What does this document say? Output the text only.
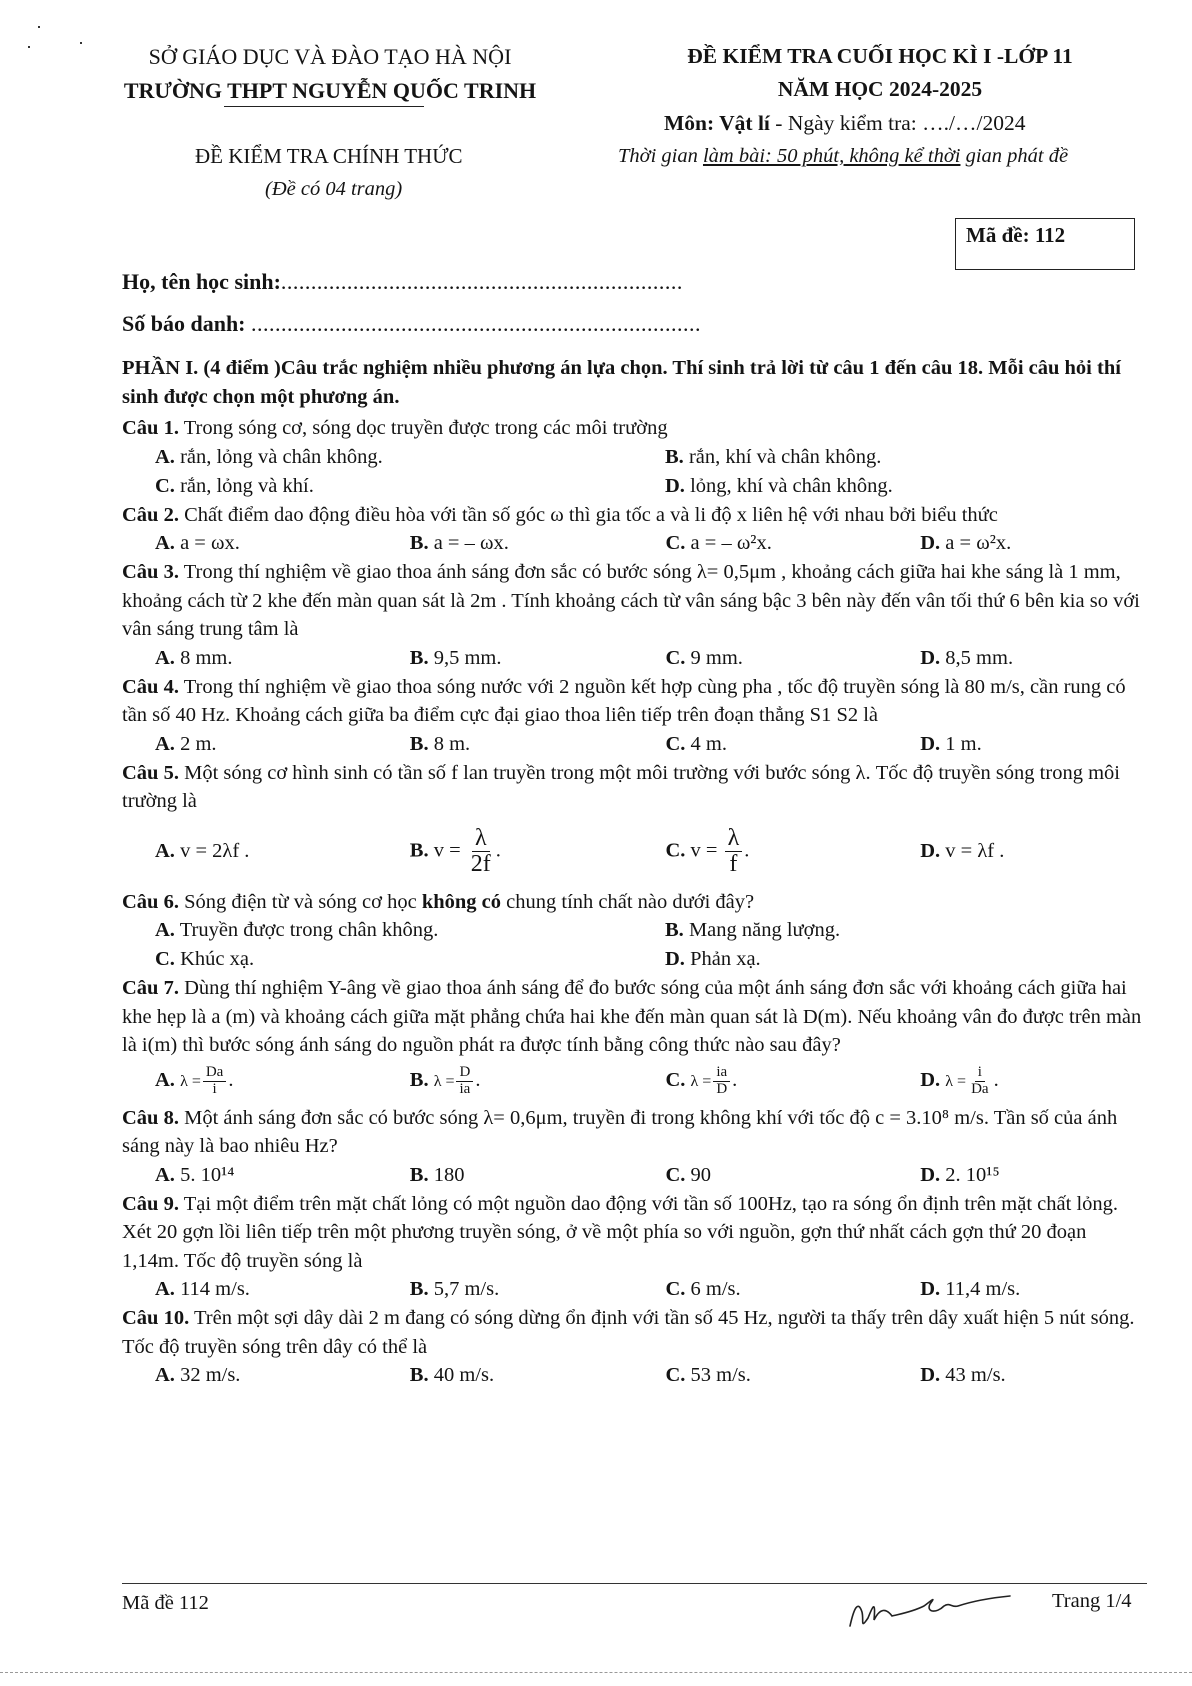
SỞ GIÁO DỤC VÀ ĐÀO TẠO HÀ NỘI
TRƯỜNG THPT NGUYỄN QUỐC TRINH
ĐỀ KIỂM TRA CUỐI HỌC KÌ I -LỚP 11
NĂM HỌC 2024-2025
Môn: Vật lí - Ngày kiểm tra: …./…/2024
Thời gian làm bài: 50 phút, không kể thời gian phát đề
ĐỀ KIỂM TRA CHÍNH THỨC
(Đề có 04 trang)
Mã đề: 112
Họ, tên học sinh:...................................................................
Số báo danh: ...........................................................................
PHẦN I. (4 điểm )Câu trắc nghiệm nhiều phương án lựa chọn. Thí sinh trả lời từ câu 1 đến câu 18. Mỗi câu hỏi thí sinh được chọn một phương án.

Câu 1. Trong sóng cơ, sóng dọc truyền được trong các môi trường

A. rắn, lỏng và chân không.	B. rắn, khí và chân không.
C. rắn, lỏng và khí.	D. lỏng, khí và chân không.

Câu 2. Chất điểm dao động điều hòa với tần số góc ω thì gia tốc a và li độ x liên hệ với nhau bởi biểu thức

A. a = ωx.	B. a = – ωx.	C. a = – ω²x.	D. a = ω²x.

Câu 3. Trong thí nghiệm về giao thoa ánh sáng đơn sắc có bước sóng λ= 0,5μm , khoảng cách giữa hai khe sáng là 1 mm, khoảng cách từ 2 khe đến màn quan sát là 2m . Tính khoảng cách từ vân sáng bậc 3 bên này đến vân tối thứ 6 bên kia so với vân sáng trung tâm là

A. 8 mm.	B. 9,5 mm.	C. 9 mm.	D. 8,5 mm.

Câu 4. Trong thí nghiệm về giao thoa sóng nước với 2 nguồn kết hợp cùng pha , tốc độ truyền sóng là 80 m/s, cần rung có tần số 40 Hz. Khoảng cách giữa ba điểm cực đại giao thoa liên tiếp trên đoạn thẳng S1 S2 là

A. 2 m.	B. 8 m.	C. 4 m.	D. 1 m.

Câu 5. Một sóng cơ hình sinh có tần số f lan truyền trong một môi trường với bước sóng λ. Tốc độ truyền sóng trong môi trường là

A. v = 2λf .	B. $v = \frac{\lambda}{2f}$ .	C. $v = \frac{\lambda}{f}$ .	D. v = λf .

Câu 6. Sóng điện từ và sóng cơ học không có chung tính chất nào dưới đây?

A. Truyền được trong chân không.	B. Mang năng lượng.
C. Khúc xạ.	D. Phản xạ.

Câu 7. Dùng thí nghiệm Y-âng về giao thoa ánh sáng để đo bước sóng của một ánh sáng đơn sắc với khoảng cách giữa hai khe hẹp là a (m) và khoảng cách giữa mặt phẳng chứa hai khe đến màn quan sát là D(m). Nếu khoảng vân đo được trên màn là i(m) thì bước sóng ánh sáng do nguồn phát ra được tính bằng công thức nào sau đây?

A. $\lambda = \frac{Da}{i}$ .	B. $\lambda = \frac{D}{ia}$ .	C. $\lambda = \frac{ia}{D}$ .	D. $\lambda = \frac{i}{Da}$ .

Câu 8. Một ánh sáng đơn sắc có bước sóng λ= 0,6μm, truyền đi trong không khí với tốc độ c = 3.10⁸ m/s. Tần số của ánh sáng này là bao nhiêu Hz?

A. 5. 10¹⁴	B. 180	C. 90	D. 2. 10¹⁵

Câu 9. Tại một điểm trên mặt chất lỏng có một nguồn dao động với tần số 100Hz, tạo ra sóng ổn định trên mặt chất lỏng. Xét 20 gợn lồi liên tiếp trên một phương truyền sóng, ở về một phía so với nguồn, gợn thứ nhất cách gợn thứ 20 đoạn 1,14m. Tốc độ truyền sóng là

A. 114 m/s.	B. 5,7 m/s.	C. 6 m/s.	D. 11,4 m/s.

Câu 10. Trên một sợi dây dài 2 m đang có sóng dừng ổn định với tần số 45 Hz, người ta thấy trên dây xuất hiện 5 nút sóng. Tốc độ truyền sóng trên dây có thể là

A. 32 m/s.	B. 40 m/s.	C. 53 m/s.	D. 43 m/s.
Mã đề 112	Trang 1/4
